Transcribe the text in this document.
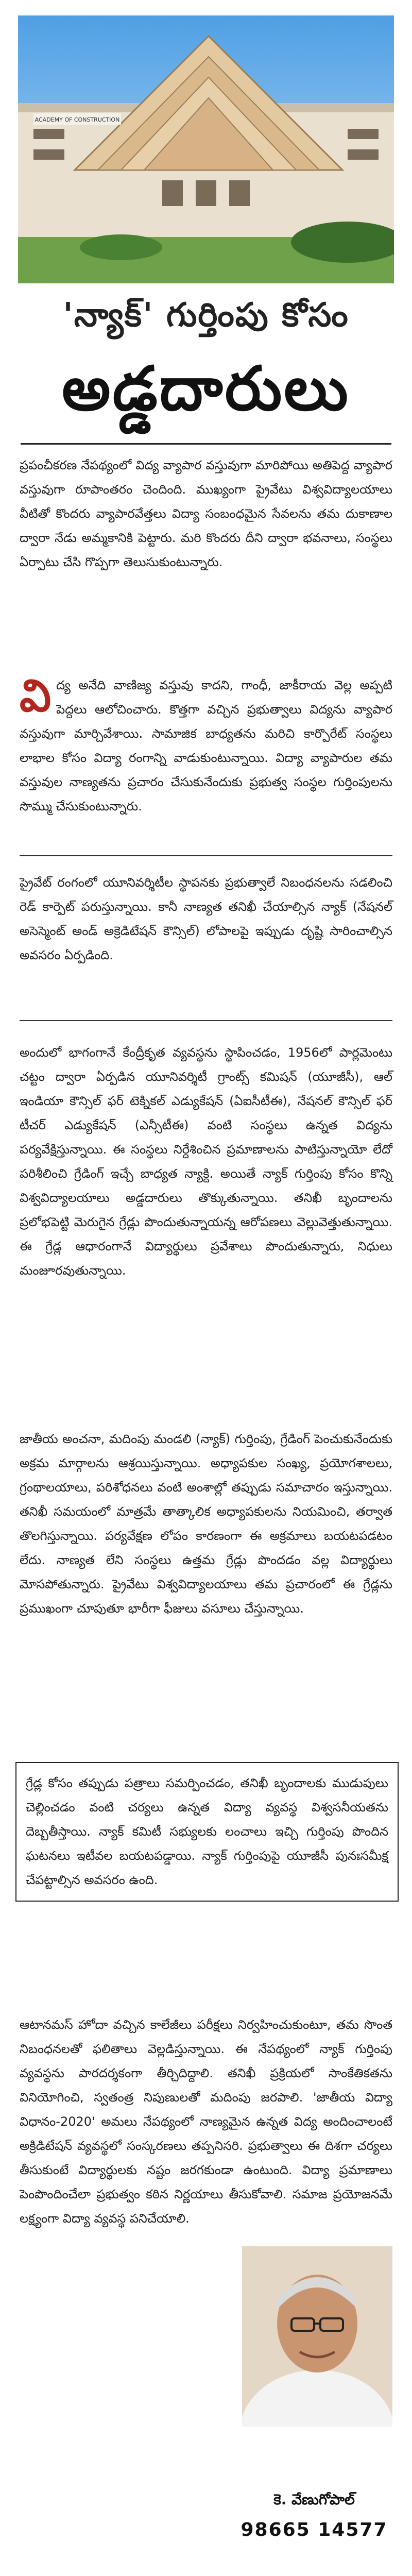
ACADEMY OF CONSTRUCTION
'న్యాక్' గుర్తింపు కోసం
అడ్డదారులు
ప్రపంచీకరణ నేపథ్యంలో విద్య వ్యాపార వస్తువుగా మారిపోయి అతిపెద్ద వ్యాపార వస్తువుగా రూపాంతరం చెందింది. ముఖ్యంగా ప్రైవేటు విశ్వవిద్యాలయాలు వీటితో కొందరు వ్యాపారవేత్తలు విద్యా సంబంధమైన సేవలను తమ దుకాణాల ద్వారా నేడు అమ్మకానికి పెట్టారు. మరి కొందరు దీని ద్వారా భవనాలు, సంస్థలు ఏర్పాటు చేసి గొప్పగా తెలుసుకుంటున్నారు.

విద్య అనేది వాణిజ్య వస్తువు కాదని, గాంధీ, జాకీరాయ వెల్ల అప్పటి పెద్దలు ఆలోచించారు. కొత్తగా వచ్చిన ప్రభుత్వాలు విద్యను వ్యాపార వస్తువుగా మార్చివేశాయి. సామాజిక బాధ్యతను మరిచి కార్పొరేట్ సంస్థలు లాభాల కోసం విద్యా రంగాన్ని వాడుకుంటున్నాయి. విద్యా వ్యాపారుల తమ వస్తువుల నాణ్యతను ప్రచారం చేసుకునేందుకు ప్రభుత్వ సంస్థల గుర్తింపులను సొమ్ము చేసుకుంటున్నారు.

ప్రైవేట్ రంగంలో యూనివర్శిటీల స్థాపనకు ప్రభుత్వాలే నిబంధనలను సడలించి రెడ్ కార్పెట్ పరుస్తున్నాయి. కానీ నాణ్యత తనిఖీ చేయాల్సిన న్యాక్ (నేషనల్ అసెస్మెంట్ అండ్ అక్రెడిటేషన్ కౌన్సిల్) లోపాలపై ఇప్పుడు దృష్టి సారించాల్సిన అవసరం ఏర్పడింది.
అందులో భాగంగానే కేంద్రీకృత వ్యవస్థను స్థాపించడం, 1956లో పార్లమెంటు చట్టం ద్వారా ఏర్పడిన యూనివర్శిటీ గ్రాంట్స్ కమిషన్ (యూజీసీ), ఆల్ ఇండియా కౌన్సిల్ ఫర్ టెక్నికల్ ఎడ్యుకేషన్ (ఏఐసీటీఈ), నేషనల్ కౌన్సిల్ ఫర్ టీచర్ ఎడ్యుకేషన్ (ఎన్సీటీఈ) వంటి సంస్థలు ఉన్నత విద్యను పర్యవేక్షిస్తున్నాయి. ఈ సంస్థలు నిర్దేశించిన ప్రమాణాలను పాటిస్తున్నాయో లేదో పరిశీలించి గ్రేడింగ్ ఇచ్చే బాధ్యత న్యాక్ది. అయితే న్యాక్ గుర్తింపు కోసం కొన్ని విశ్వవిద్యాలయాలు అడ్డదారులు తొక్కుతున్నాయి. తనిఖీ బృందాలను ప్రలోభపెట్టి మెరుగైన గ్రేడ్లు పొందుతున్నాయన్న ఆరోపణలు వెల్లువెత్తుతున్నాయి. ఈ గ్రేడ్ల ఆధారంగానే విద్యార్థులు ప్రవేశాలు పొందుతున్నారు, నిధులు మంజూరవుతున్నాయి.
జాతీయ అంచనా, మదింపు మండలి (న్యాక్) గుర్తింపు, గ్రేడింగ్ పెంచుకునేందుకు అక్రమ మార్గాలను ఆశ్రయిస్తున్నాయి. అధ్యాపకుల సంఖ్య, ప్రయోగశాలలు, గ్రంథాలయాలు, పరిశోధనలు వంటి అంశాల్లో తప్పుడు సమాచారం ఇస్తున్నాయి. తనిఖీ సమయంలో మాత్రమే తాత్కాలిక అధ్యాపకులను నియమించి, తర్వాత తొలగిస్తున్నాయి. పర్యవేక్షణ లోపం కారణంగా ఈ అక్రమాలు బయటపడటం లేదు. నాణ్యత లేని సంస్థలు ఉత్తమ గ్రేడ్లు పొందడం వల్ల విద్యార్థులు మోసపోతున్నారు. ప్రైవేటు విశ్వవిద్యాలయాలు తమ ప్రచారంలో ఈ గ్రేడ్లను ప్రముఖంగా చూపుతూ భారీగా ఫీజులు వసూలు చేస్తున్నాయి.
గ్రేడ్ల కోసం తప్పుడు పత్రాలు సమర్పించడం, తనిఖీ బృందాలకు ముడుపులు చెల్లించడం వంటి చర్యలు ఉన్నత విద్యా వ్యవస్థ విశ్వసనీయతను దెబ్బతీస్తాయి. న్యాక్ కమిటీ సభ్యులకు లంచాలు ఇచ్చి గుర్తింపు పొందిన ఘటనలు ఇటీవల బయటపడ్డాయి. న్యాక్ గుర్తింపుపై యూజీసీ పునఃసమీక్ష చేపట్టాల్సిన అవసరం ఉంది.

ఆటానమస్ హోదా వచ్చిన కాలేజీలు పరీక్షలు నిర్వహించుకుంటూ, తమ సొంత నిబంధనలతో ఫలితాలు వెల్లడిస్తున్నాయి. ఈ నేపథ్యంలో న్యాక్ గుర్తింపు వ్యవస్థను పారదర్శకంగా తీర్చిదిద్దాలి. తనిఖీ ప్రక్రియలో సాంకేతికతను వినియోగించి, స్వతంత్ర నిపుణులతో మదింపు జరపాలి. 'జాతీయ విద్యా విధానం-2020' అమలు నేపథ్యంలో నాణ్యమైన ఉన్నత విద్య అందించాలంటే అక్రిడిటేషన్ వ్యవస్థలో సంస్కరణలు తప్పనిసరి. ప్రభుత్వాలు ఈ దిశగా చర్యలు తీసుకుంటే విద్యార్థులకు నష్టం జరగకుండా ఉంటుంది. విద్యా ప్రమాణాలు పెంపొందించేలా ప్రభుత్వం కఠిన నిర్ణయాలు తీసుకోవాలి. సమాజ ప్రయోజనమే లక్ష్యంగా విద్యా వ్యవస్థ పనిచేయాలి.

కె. వేణుగోపాల్
98665 14577
